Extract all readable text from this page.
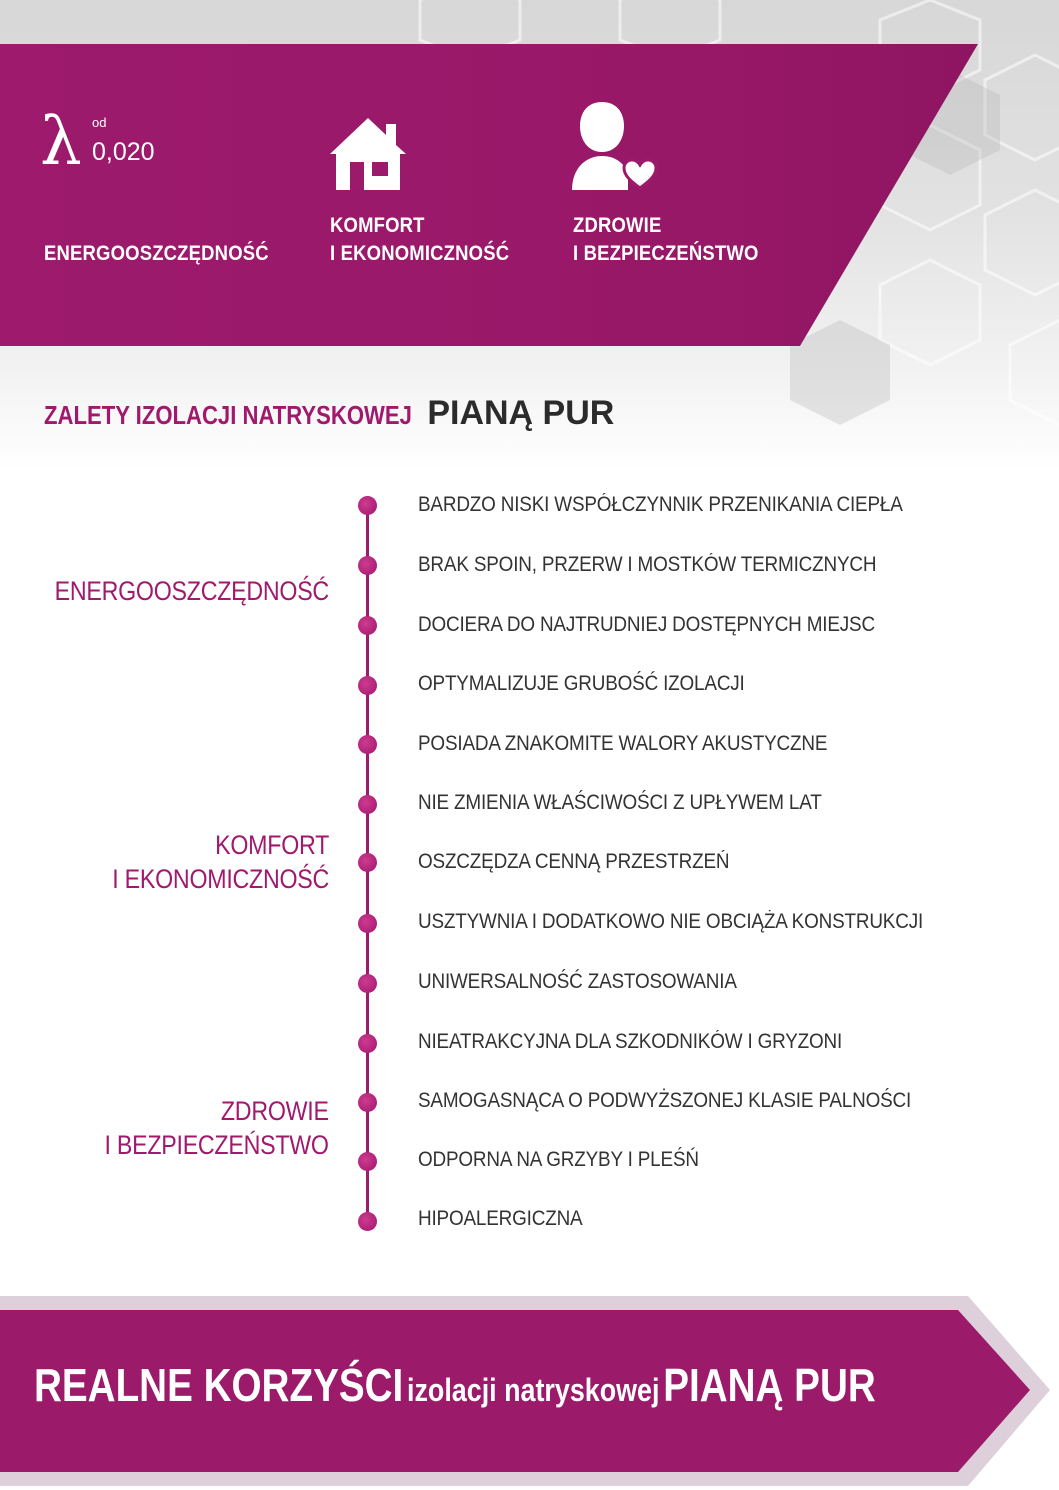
λ od
0,020
ENERGOOSZCZĘDNOŚĆ
KOMFORT
I EKONOMICZNOŚĆ
ZDROWIE
I BEZPIECZEŃSTWO
ZALETY IZOLACJI NATRYSKOWEJ PIANĄ PUR
BARDZO NISKI WSPÓŁCZYNNIK PRZENIKANIA CIEPŁA
BRAK SPOIN, PRZERW I MOSTKÓW TERMICZNYCH
DOCIERA DO NAJTRUDNIEJ DOSTĘPNYCH MIEJSC
OPTYMALIZUJE GRUBOŚĆ IZOLACJI
POSIADA ZNAKOMITE WALORY AKUSTYCZNE
NIE ZMIENIA WŁAŚCIWOŚCI Z UPŁYWEM LAT
OSZCZĘDZA CENNĄ PRZESTRZEŃ
USZTYWNIA I DODATKOWO NIE OBCIĄŻA KONSTRUKCJI
UNIWERSALNOŚĆ ZASTOSOWANIA
NIEATRAKCYJNA DLA SZKODNIKÓW I GRYZONI
SAMOGASNĄCA O PODWYŻSZONEJ KLASIE PALNOŚCI
ODPORNA NA GRZYBY I PLEŚŃ
HIPOALERGICZNA
ENERGOOSZCZĘDNOŚĆ
KOMFORT
I EKONOMICZNOŚĆ
ZDROWIE
I BEZPIECZEŃSTWO
REALNE KORZYŚCI izolacji natryskowej PIANĄ PUR
